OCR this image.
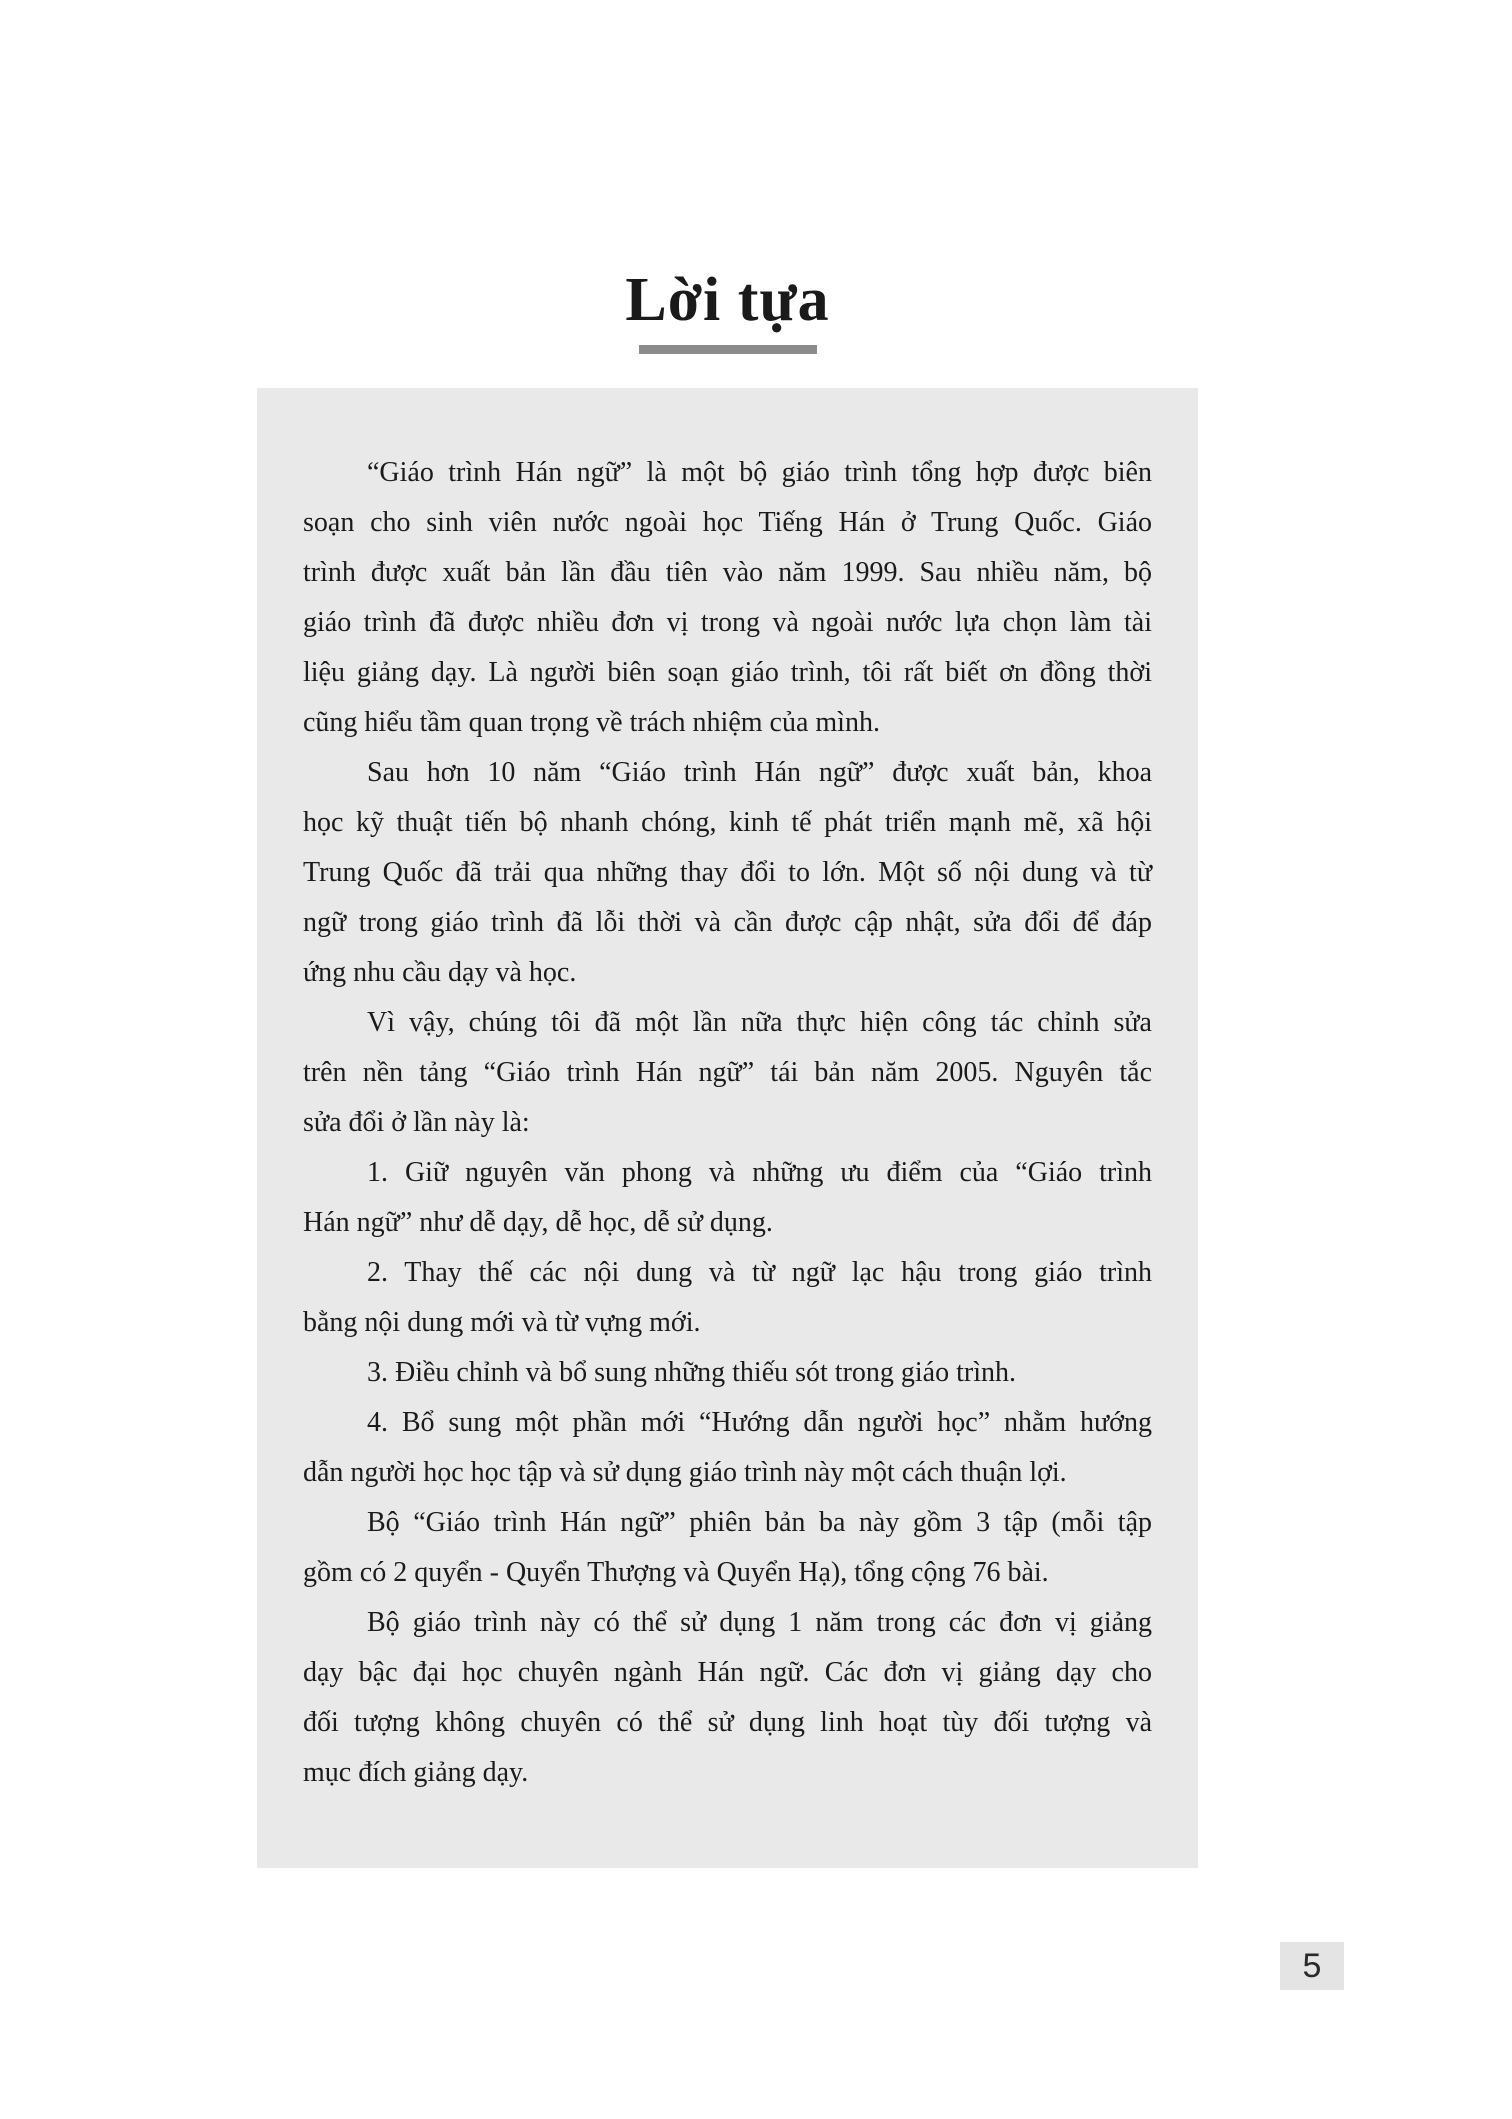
Lời tựa
“Giáo trình Hán ngữ” là một bộ giáo trình tổng hợp được biên
soạn cho sinh viên nước ngoài học Tiếng Hán ở Trung Quốc. Giáo
trình được xuất bản lần đầu tiên vào năm 1999. Sau nhiều năm, bộ
giáo trình đã được nhiều đơn vị trong và ngoài nước lựa chọn làm tài
liệu giảng dạy. Là người biên soạn giáo trình, tôi rất biết ơn đồng thời
cũng hiểu tầm quan trọng về trách nhiệm của mình.
Sau hơn 10 năm “Giáo trình Hán ngữ” được xuất bản, khoa
học kỹ thuật tiến bộ nhanh chóng, kinh tế phát triển mạnh mẽ, xã hội
Trung Quốc đã trải qua những thay đổi to lớn. Một số nội dung và từ
ngữ trong giáo trình đã lỗi thời và cần được cập nhật, sửa đổi để đáp
ứng nhu cầu dạy và học.
Vì vậy, chúng tôi đã một lần nữa thực hiện công tác chỉnh sửa
trên nền tảng “Giáo trình Hán ngữ” tái bản năm 2005. Nguyên tắc
sửa đổi ở lần này là:
1. Giữ nguyên văn phong và những ưu điểm của “Giáo trình
Hán ngữ” như dễ dạy, dễ học, dễ sử dụng.
2. Thay thế các nội dung và từ ngữ lạc hậu trong giáo trình
bằng nội dung mới và từ vựng mới.
3. Điều chỉnh và bổ sung những thiếu sót trong giáo trình.
4. Bổ sung một phần mới “Hướng dẫn người học” nhằm hướng
dẫn người học học tập và sử dụng giáo trình này một cách thuận lợi.
Bộ “Giáo trình Hán ngữ” phiên bản ba này gồm 3 tập (mỗi tập
gồm có 2 quyển - Quyển Thượng và Quyển Hạ), tổng cộng 76 bài.
Bộ giáo trình này có thể sử dụng 1 năm trong các đơn vị giảng
dạy bậc đại học chuyên ngành Hán ngữ. Các đơn vị giảng dạy cho
đối tượng không chuyên có thể sử dụng linh hoạt tùy đối tượng và
mục đích giảng dạy.
5
